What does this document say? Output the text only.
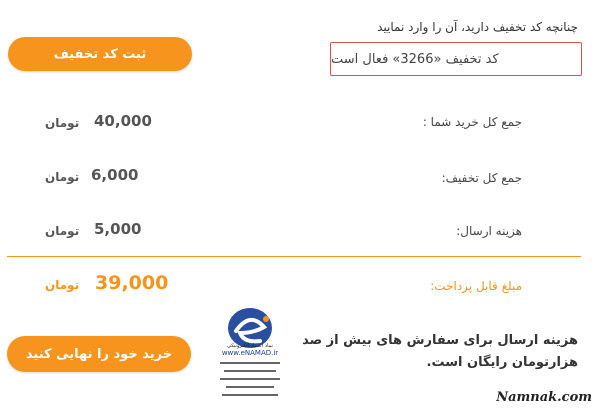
چنانچه کد تخفیف دارید، آن را وارد نمایید
کد تخفیف «3266» فعال است
ثبت کد تخفیف
جمع کل خرید شما :
40,000
تومان
جمع کل تخفیف:
6,000
تومان
هزینه ارسال:
5,000
تومان
مبلغ قابل پرداخت:
39,000
تومان
نماد اعتماد الکترونیکی
www.eNAMAD.ir
هزینه ارسال برای سفارش های بیش از صد هزارتومان رایگان است.
خرید خود را نهایی کنید
Namnak.com
